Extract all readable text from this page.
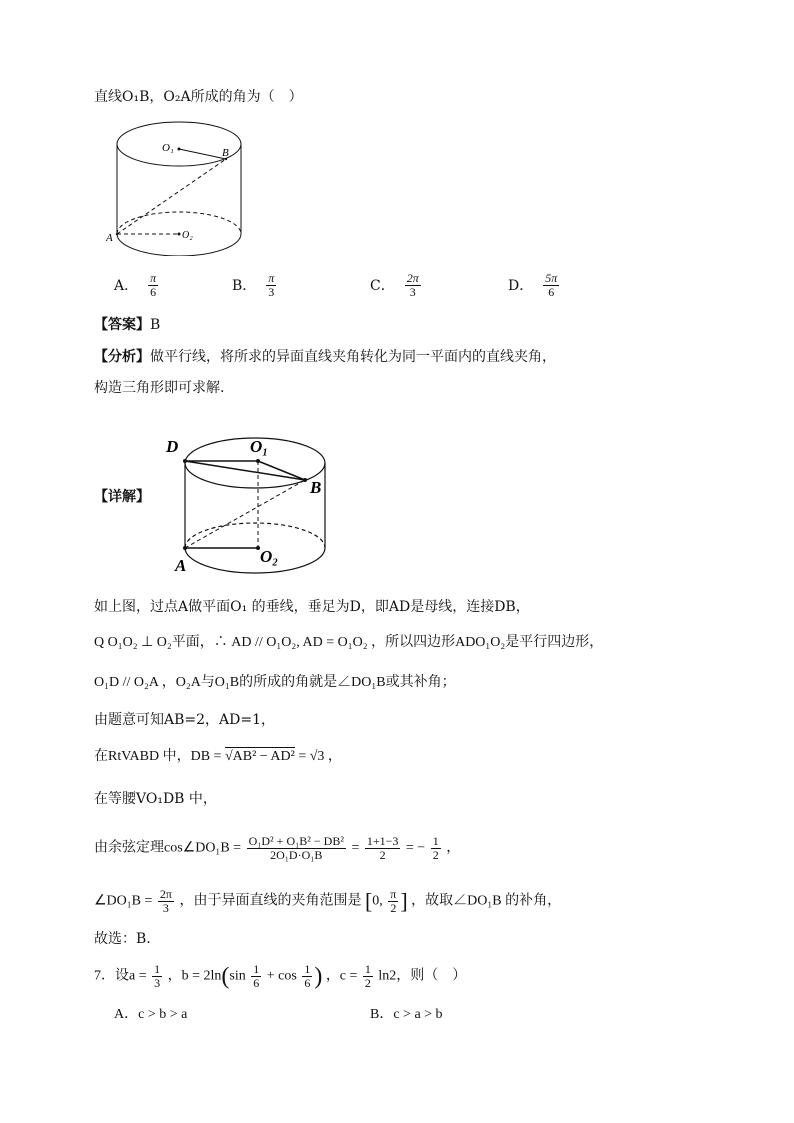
直线O₁B，O₂A所成的角为（　）
O₁	B
A	O₂
A． $\frac{\pi}{6}$	B． $\frac{\pi}{3}$	C． $\frac{2\pi}{3}$	D． $\frac{5\pi}{6}$
【答案】B
【分析】做平行线，将所求的异面直线夹角转化为同一平面内的直线夹角，
构造三角形即可求解.
【详解】
D	O₁
B
A	O₂
如上图，过点A做平面O₁ 的垂线，垂足为D，即AD是母线，连接DB，
Q O₁O₂ ⊥ O₂平面，∴ AD // O₁O₂, AD = O₁O₂ ，所以四边形ADO₁O₂是平行四边形，
O₁D // O₂A ，O₂A与O₁B的所成的角就是∠DO₁B或其补角；
由题意可知AB=2，AD=1，
在RtVABD 中，DB = √AB² − AD² = √3 ，
在等腰VO₁DB 中，
由余弦定理cos∠DO₁B = $\frac{\text{O₁D² + O₁B² − DB²}}{\text{2O₁D·O₁B}} = \frac{1+1-3}{2}$ = − $\frac{1}{2}$ ，
∠DO₁B = $\frac{2\pi}{3}$ ，由于异面直线的夹角范围是 [0, $\frac{\pi}{2}$ ] ，故取∠DO₁B 的补角，
故选：B.
7．设$a = \frac{1}{3}$ ，$b = 2\ln(\sin \frac{1}{6} + \cos \frac{1}{6}$ ) ，$c = \frac{1}{2} \ln 2$，则（　）
A．c > b > a	B．c > a > b
